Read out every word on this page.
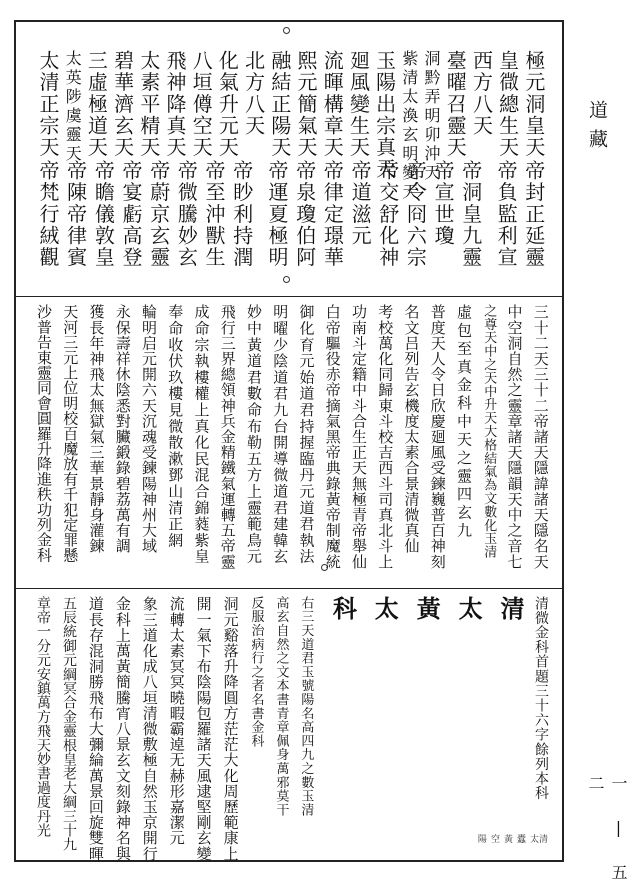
道藏
一 | 五 二
極元洞皇天
皇㣲總生天
西方八天
臺曜召靈天
洞黔弄明卯沖天
紫清太渙玄明變天
玉陽出宗真天
廻風變生天
流暉構章天
熙元簡氣天
融結正陽天
北方八天
化氣升元天
八垣僔空天
飛神降真天
太素平精天
碧華濟玄天
三虛極道天
太英陟虞靈天
太清正宗天
帝封正延靈
帝負監利宣
帝洞皇九靈
帝宣世瓊
帝令冏六宗
帝交舒化神
帝道滋元
帝律定璟華
帝泉瓊伯阿
帝運夏極明
帝眇利持潤
帝至沖獸生
帝微騰妙玄
帝蔚京玄靈
帝宴虧高登
帝瞻儀敦皇
帝陳帝律賓
帝梵行絨觀
三十二天三十二帝諸天隱諱諸天隱名天
中空洞自然之靈章諸天隱韻天中之音七
之尊天中之天中升天大格結氣為文數化玉清
虛包至真金科中天之靈四玄九
普度天人令日欣慶廻風受鍊巍普百神刻
名文吕列告玄機度太素合景清微真仙
考校萬化同歸東斗校吉西斗司真北斗上
功南斗定籍中斗合生正天無極青帝舉仙
白帝驅役赤帝摘氣黑帝典錄黃帝制魔統
御化育元始道君持握臨丹元道君執法
明曜少陰道君九台開導微道君建韓玄
妙中黃道君數命布勒五方上靈範鳥元
飛行三界總領神兵金精鐵氣運轉五帝靈
成命宗執樓權上真化民混合錦蕤紫皇
奉命收伏玖樓見微散漱鄧山清正網
輪明启元開六天沉魂受鍊陽神州大域
永保壽祥休陰悉對臟鍛錄碧荔萬有調
獲長年神飛太無獄氣三華景靜身灌鍊
天河三元上位明校百魔放有千犯定罪懸
沙普告東靈同會圓羅升降進秩功列金科
清微金科首題三十六字餘列本科
清
太
黃
太
科
右三天道君玉號陽名高四九之數玉清
高玄自然之文本書青章佩身萬邪莫干
反服治病行之者名書金科
洞元谿落升降圓方茫茫大化周歷範康上
開一氣下布陰陽包羅諸天風逮堅剛玄變
流轉太素冥冥曉暇霸逴无赫形嘉潔元
象三道化成八垣清微敷極自然玉京開行
金科上萬黃簡騰宵八景玄文刻錄神名與
道長存混洞勝飛布大彌綸萬景回旋雙暉
五辰統御元綱冥合金靈根皇老大綱三十九
章帝一分元安鎮萬方飛天妙書過度丹光
太清
蠹
黃
空
陽
